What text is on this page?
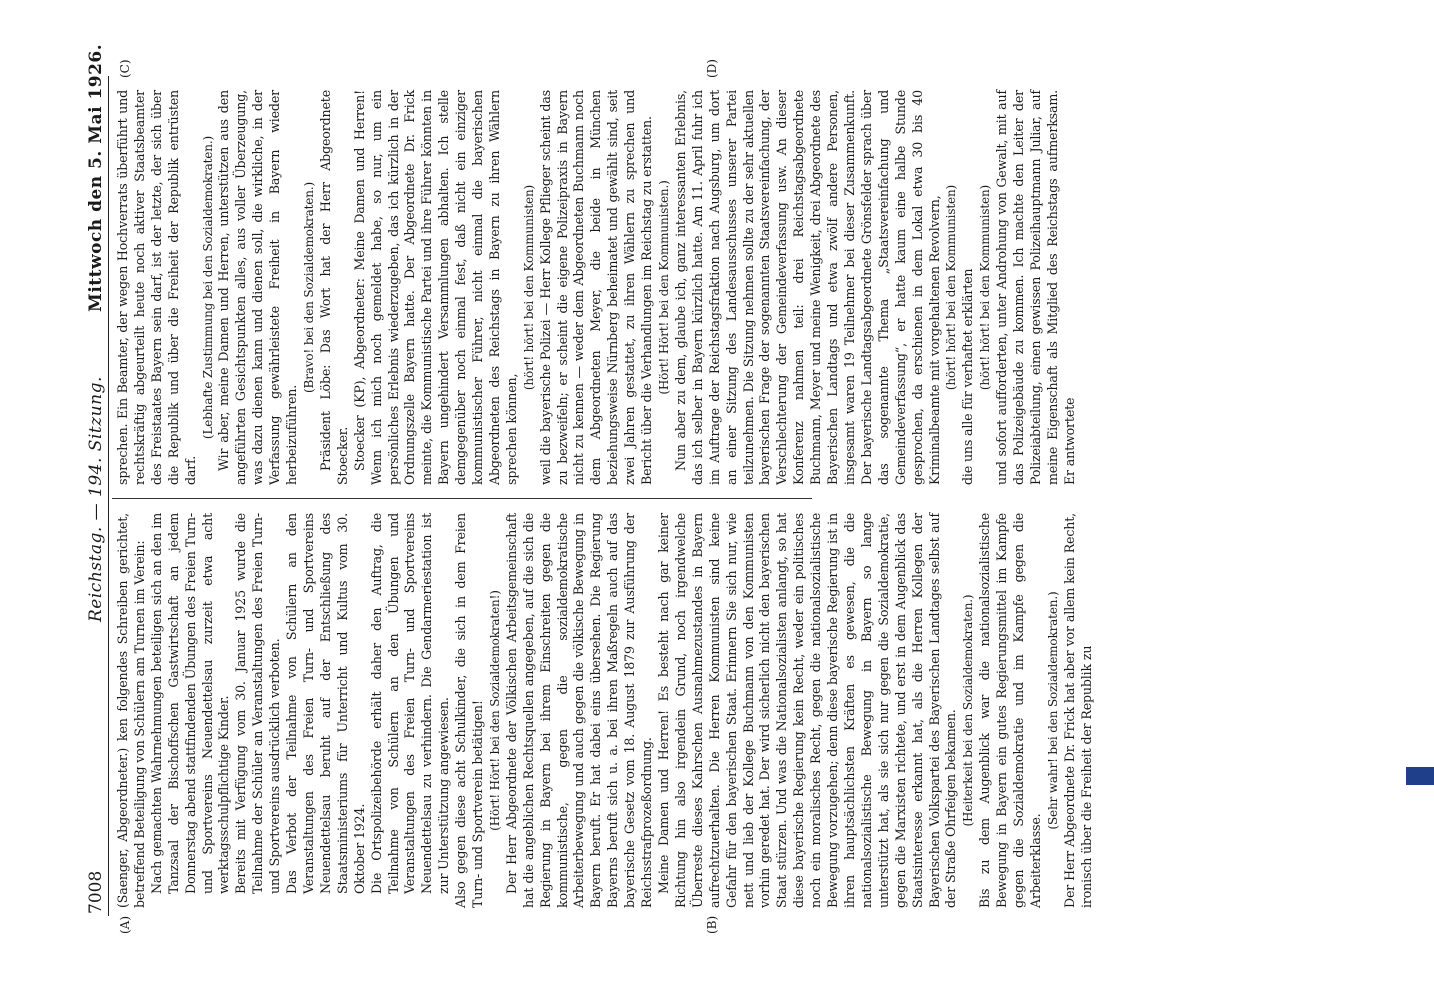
7008
Reichstag. — 194. Sitzung.
Mittwoch den 5. Mai 1926.
(A)	(B)
(C)	(D)

(Saenger, Abgeordneter.) ken folgendes Schreiben gerichtet, betreffend Beteiligung von Schülern am Turnen im Verein: Nach gemachten Wahrnehmungen beteiligen sich an den im Tanzsaal der Bischoffschen Gastwirtschaft an jedem Donnerstag abend stattfindenden Übungen des Freien Turn- und Sportvereins Neuendettelsau zurzeit etwa acht werktagsschulpflichtige Kinder. Bereits mit Verfügung vom 30. Januar 1925 wurde die Teilnahme der Schüler an Veranstaltungen des Freien Turn- und Sportvereins ausdrücklich verboten. Das Verbot der Teilnahme von Schülern an den Veranstaltungen des Freien Turn- und Sportvereins Neuendettelsau beruht auf der Entschließung des Staatsministeriums für Unterricht und Kultus vom 30. Oktober 1924. Die Ortspolizeibehörde erhält daher den Auftrag, die Teilnahme von Schülern an den Übungen und Veranstaltungen des Freien Turn- und Sportvereins Neuendettelsau zu verhindern. Die Gendarmeriestation ist zur Unterstützung angewiesen. Also gegen diese acht Schulkinder, die sich in dem Freien Turn- und Sportverein betätigen! (Hört! Hört! bei den Sozialdemokraten!) Der Herr Abgeordnete der Völkischen Arbeitsgemeinschaft hat die angeblichen Rechtsquellen angegeben, auf die sich die Regierung in Bayern bei ihrem Einschreiten gegen die kommunistische, gegen die sozialdemokratische Arbeiterbewegung und auch gegen die völkische Bewegung in Bayern beruft. Er hat dabei eins übersehen. Die Regierung Bayerns beruft sich u. a. bei ihren Maßregeln auch auf das bayerische Gesetz vom 18. August 1879 zur Ausführung der Reichsstrafprozeßordnung. Meine Damen und Herren! Es besteht nach gar keiner Richtung hin also irgendein Grund, noch irgendwelche Überreste dieses Kahrschen Ausnahmezustandes in Bayern aufrechtzuerhalten. Die Herren Kommunisten sind keine Gefahr für den bayerischen Staat. Erinnern Sie sich nur, wie nett und lieb der Kollege Buchmann von den Kommunisten vorhin geredet hat. Der wird sicherlich nicht den bayerischen Staat stürzen. Und was die Nationalsozialisten anlangt, so hat diese bayerische Regierung kein Recht, weder ein politisches noch ein moralisches Recht, gegen die nationalsozialistische Bewegung vorzugehen; denn diese bayerische Regierung ist in ihren hauptsächlichsten Kräften es gewesen, die die nationalsozialistische Bewegung in Bayern so lange unterstützt hat, als sie sich nur gegen die Sozialdemokratie, gegen die Marxisten richtete, und erst in dem Augenblick das Staatsinteresse erkannt hat, als die Herren Kollegen der Bayerischen Volkspartei des Bayerischen Landtages selbst auf der Straße Ohrfeigen bekamen. (Heiterkeit bei den Sozialdemokraten.) Bis zu dem Augenblick war die nationalsozialistische Bewegung in Bayern ein gutes Regierungsmittel im Kampfe gegen die Sozialdemokratie und im Kampfe gegen die Arbeiterklasse.

(Sehr wahr! bei den Sozialdemokraten.) Der Herr Abgeordnete Dr. Frick hat aber vor allem kein Recht, ironisch über die Freiheit der Republik zu

sprechen. Ein Beamter, der wegen Hochverrats überführt und rechtskräftig abgeurteilt heute noch aktiver Staatsbeamter des Freistaates Bayern sein darf, ist der letzte, der sich über die Republik und über die Freiheit der Republik entrüsten darf.

(Lebhafte Zustimmung bei den Sozialdemokraten.) Wir aber, meine Damen und Herren, unterstützen aus den angeführten Gesichtspunkten alles, aus voller Überzeugung, was dazu dienen kann und dienen soll, die wirkliche, in der Verfassung gewährleistete Freiheit in Bayern wieder herbeizuführen.

(Bravo! bei den Sozialdemokraten.) Präsident Löbe: Das Wort hat der Herr Abgeordnete Stoecker. Stoecker (KP), Abgeordneter: Meine Damen und Herren! Wenn ich mich noch gemeldet habe, so nur, um ein persönliches Erlebnis wiederzugeben, das ich kürzlich in der Ordnungszelle Bayern hatte. Der Abgeordnete Dr. Frick meinte, die Kommunistische Partei und ihre Führer könnten in Bayern ungehindert Versammlungen abhalten. Ich stelle demgegenüber noch einmal fest, daß nicht ein einziger kommunistischer Führer, nicht einmal die bayerischen Abgeordneten des Reichstags in Bayern zu ihren Wählern sprechen können,

(hört! hört! bei den Kommunisten) weil die bayerische Polizei — Herr Kollege Pflieger scheint das zu bezweifeln; er scheint die eigene Polizeipraxis in Bayern nicht zu kennen — weder dem Abgeordneten Buchmann noch dem Abgeordneten Meyer, die beide in München beziehungsweise Nürnberg beheimatet und gewählt sind, seit zwei Jahren gestattet, zu ihren Wählern zu sprechen und Bericht über die Verhandlungen im Reichstag zu erstatten. (Hört! Hört! bei den Kommunisten.) Nun aber zu dem, glaube ich, ganz interessanten Erlebnis, das ich selber in Bayern kürzlich hatte. Am 11. April fuhr ich im Auftrage der Reichstagsfraktion nach Augsburg, um dort an einer Sitzung des Landesausschusses unserer Partei teilzunehmen. Die Sitzung nehmen sollte zu der sehr aktuellen bayerischen Frage der sogenannten Staatsvereinfachung, der Verschlechterung der Gemeindeverfassung usw. An dieser Konferenz nahmen teil: drei Reichstagsabgeordnete Buchmann, Meyer und meine Wenigkeit, drei Abgeordnete des Bayerischen Landtags und etwa zwölf andere Personen, insgesamt waren 19 Teilnehmer bei dieser Zusammenkunft. Der bayerische Landtagsabgeordnete Grönsfelder sprach über das sogenannte Thema „Staatsvereinfachung und Gemeindeverfassung“, er hatte kaum eine halbe Stunde gesprochen, da erschienen in dem Lokal etwa 30 bis 40 Kriminalbeamte mit vorgehaltenen Revolvern, (hört! hört! bei den Kommunisten) die uns alle für verhaftet erklärten (hört! hört! bei den Kommunisten) und sofort aufforderten, unter Androhung von Gewalt, mit auf das Polizeigebäude zu kommen. Ich machte den Leiter der Polizeiabteilung, einen gewissen Polizeihauptmann Juliar, auf meine Eigenschaft als Mitglied des Reichstags aufmerksam. Er antwortete
